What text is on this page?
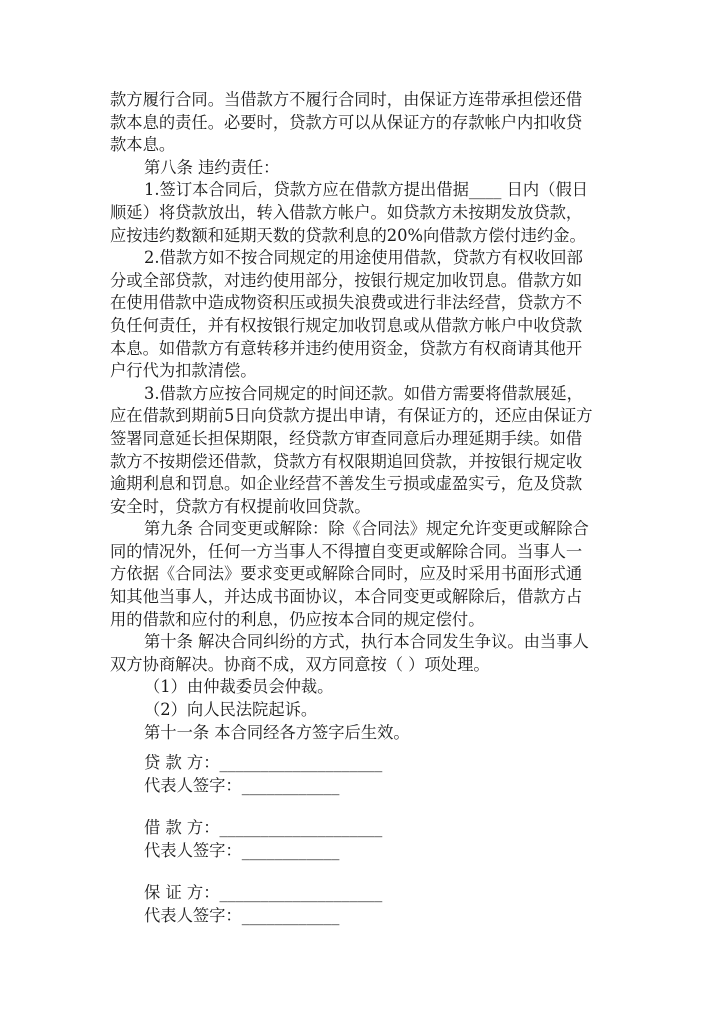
款方履行合同。当借款方不履行合同时，由保证方连带承担偿还借
款本息的责任。必要时，贷款方可以从保证方的存款帐户内扣收贷
款本息。
第八条 违约责任：
1.签订本合同后，贷款方应在借款方提出借据____ 日内（假日
顺延）将贷款放出，转入借款方帐户。如贷款方未按期发放贷款，
应按违约数额和延期天数的贷款利息的20%向借款方偿付违约金。
2.借款方如不按合同规定的用途使用借款，贷款方有权收回部
分或全部贷款，对违约使用部分，按银行规定加收罚息。借款方如
在使用借款中造成物资积压或损失浪费或进行非法经营，贷款方不
负任何责任，并有权按银行规定加收罚息或从借款方帐户中收贷款
本息。如借款方有意转移并违约使用资金，贷款方有权商请其他开
户行代为扣款清偿。
3.借款方应按合同规定的时间还款。如借方需要将借款展延，
应在借款到期前5日向贷款方提出申请，有保证方的，还应由保证方
签署同意延长担保期限，经贷款方审查同意后办理延期手续。如借
款方不按期偿还借款，贷款方有权限期追回贷款，并按银行规定收
逾期利息和罚息。如企业经营不善发生亏损或虚盈实亏，危及贷款
安全时，贷款方有权提前收回贷款。
第九条 合同变更或解除：除《合同法》规定允许变更或解除合
同的情况外，任何一方当事人不得擅自变更或解除合同。当事人一
方依据《合同法》要求变更或解除合同时，应及时采用书面形式通
知其他当事人，并达成书面协议，本合同变更或解除后，借款方占
用的借款和应付的利息，仍应按本合同的规定偿付。
第十条 解决合同纠纷的方式，执行本合同发生争议。由当事人
双方协商解决。协商不成，双方同意按（ ）项处理。
（1）由仲裁委员会仲裁。
（2）向人民法院起诉。
第十一条 本合同经各方签字后生效。
贷 款 方：____________________
代表人签字：____________
借 款 方：____________________
代表人签字：____________
保 证 方：____________________
代表人签字：____________
